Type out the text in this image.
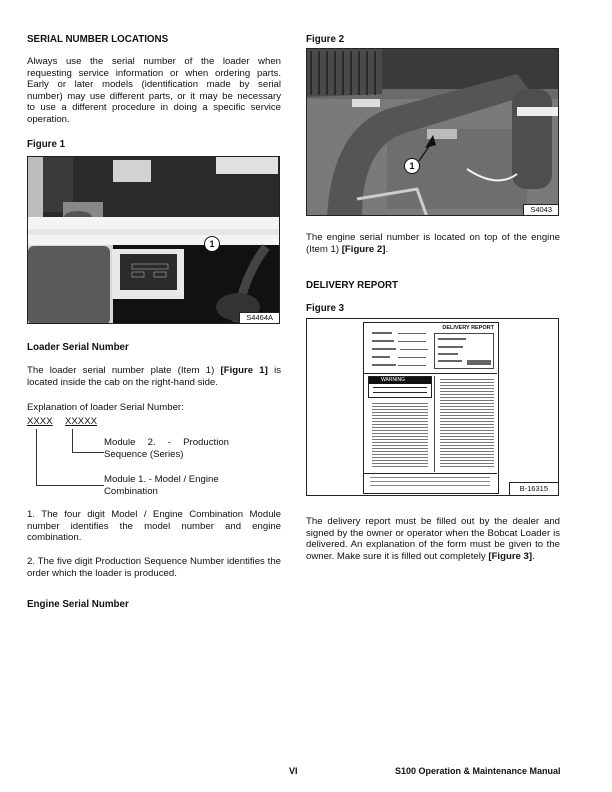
SERIAL NUMBER LOCATIONS
Always use the serial number of the loader when
requesting service information or when ordering parts.
Early or later models (identification made by serial
number) may use different parts, or it may be necessary
to use a different procedure in doing a specific service
operation.
Figure 1
1
S4464A
Loader Serial Number
The loader serial number plate (Item 1) [Figure 1] is located inside the cab on the right-hand side.
Explanation of loader Serial Number:
XXXX XXXXX
Module 2. - Production
Sequence (Series)
Module 1. - Model / Engine
Combination
1. The four digit Model / Engine Combination Module number identifies the model number and engine combination.
2. The five digit Production Sequence Number identifies the order which the loader is produced.
Engine Serial Number
Figure 2
1
S4043
The engine serial number is located on top of the engine (Item 1) [Figure 2].
DELIVERY REPORT
Figure 3
DELIVERY REPORT
WARNING
B-16315
The delivery report must be filled out by the dealer and signed by the owner or operator when the Bobcat Loader is delivered. An explanation of the form must be given to the owner. Make sure it is filled out completely [Figure 3].
VI	S100 Operation & Maintenance Manual
